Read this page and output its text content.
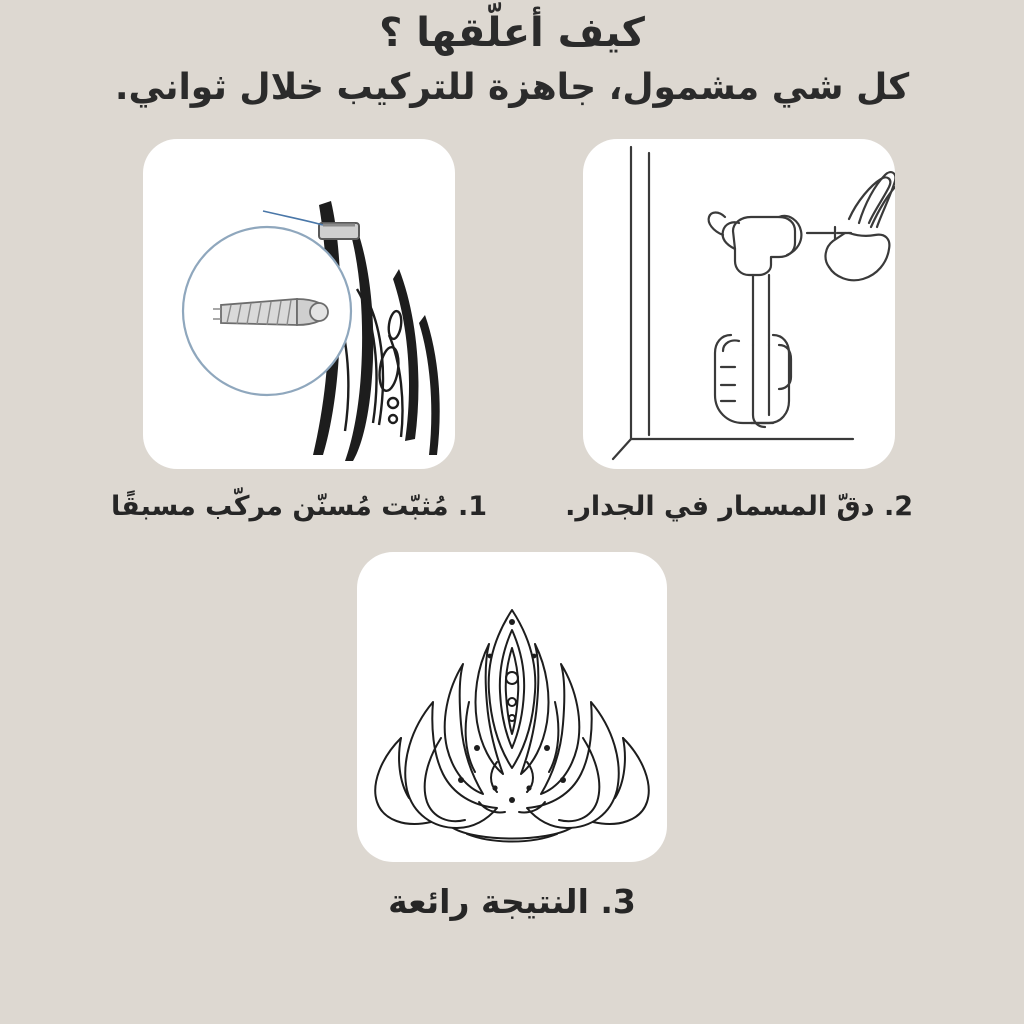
كيف أعلّقها ؟
كل شي مشمول، جاهزة للتركيب خلال ثواني.
2. دقّ المسمار في الجدار.
1. مُثبّت مُسنّن مركّب مسبقًا
3. النتيجة رائعة
